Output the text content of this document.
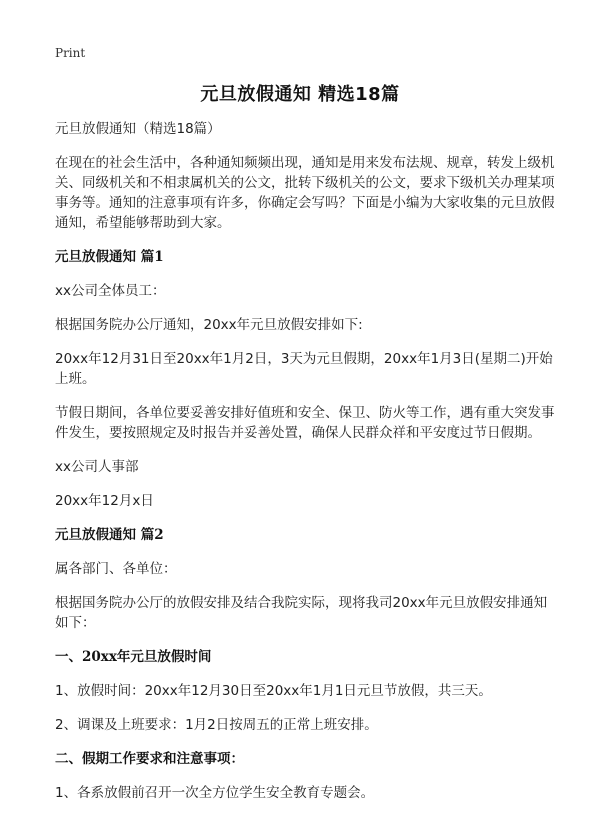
Print
元旦放假通知 精选18篇

元旦放假通知（精选18篇）

在现在的社会生活中，各种通知频频出现，通知是用来发布法规、规章，转发上级机关、同级机关和不相隶属机关的公文，批转下级机关的公文，要求下级机关办理某项事务等。通知的注意事项有许多，你确定会写吗？下面是小编为大家收集的元旦放假通知，希望能够帮助到大家。

元旦放假通知 篇1

xx公司全体员工：

根据国务院办公厅通知，20xx年元旦放假安排如下:

20xx年12月31日至20xx年1月2日，3天为元旦假期，20xx年1月3日(星期二)开始上班。

节假日期间，各单位要妥善安排好值班和安全、保卫、防火等工作，遇有重大突发事件发生，要按照规定及时报告并妥善处置，确保人民群众祥和平安度过节日假期。

xx公司人事部

20xx年12月x日

元旦放假通知 篇2

属各部门、各单位：

根据国务院办公厅的放假安排及结合我院实际，现将我司20xx年元旦放假安排通知如下：

一、20xx年元旦放假时间

1、放假时间：20xx年12月30日至20xx年1月1日元旦节放假，共三天。

2、调课及上班要求：1月2日按周五的正常上班安排。

二、假期工作要求和注意事项：

1、各系放假前召开一次全方位学生安全教育专题会。
